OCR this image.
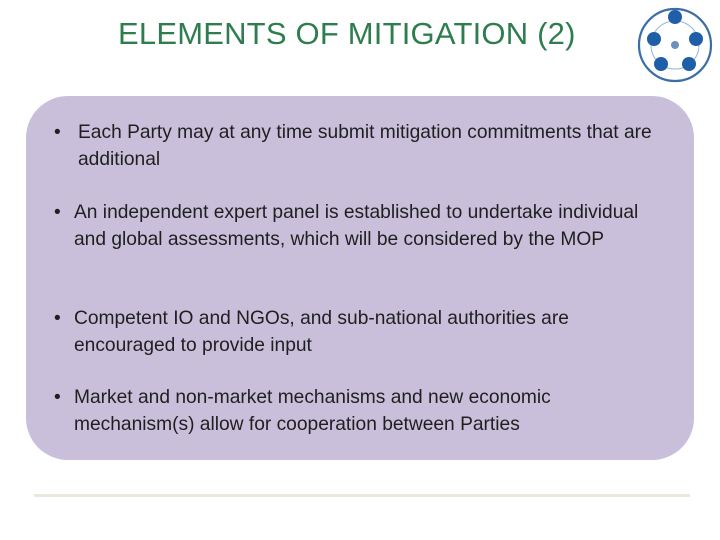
ELEMENTS OF MITIGATION (2)
• Each Party may at any time submit mitigation commitments that are additional
• An independent expert panel is established to undertake individual and global assessments, which will be considered by the MOP
• Competent IO and NGOs, and sub-national authorities are encouraged to provide input
• Market and non-market mechanisms and new economic mechanism(s) allow for cooperation between Parties
